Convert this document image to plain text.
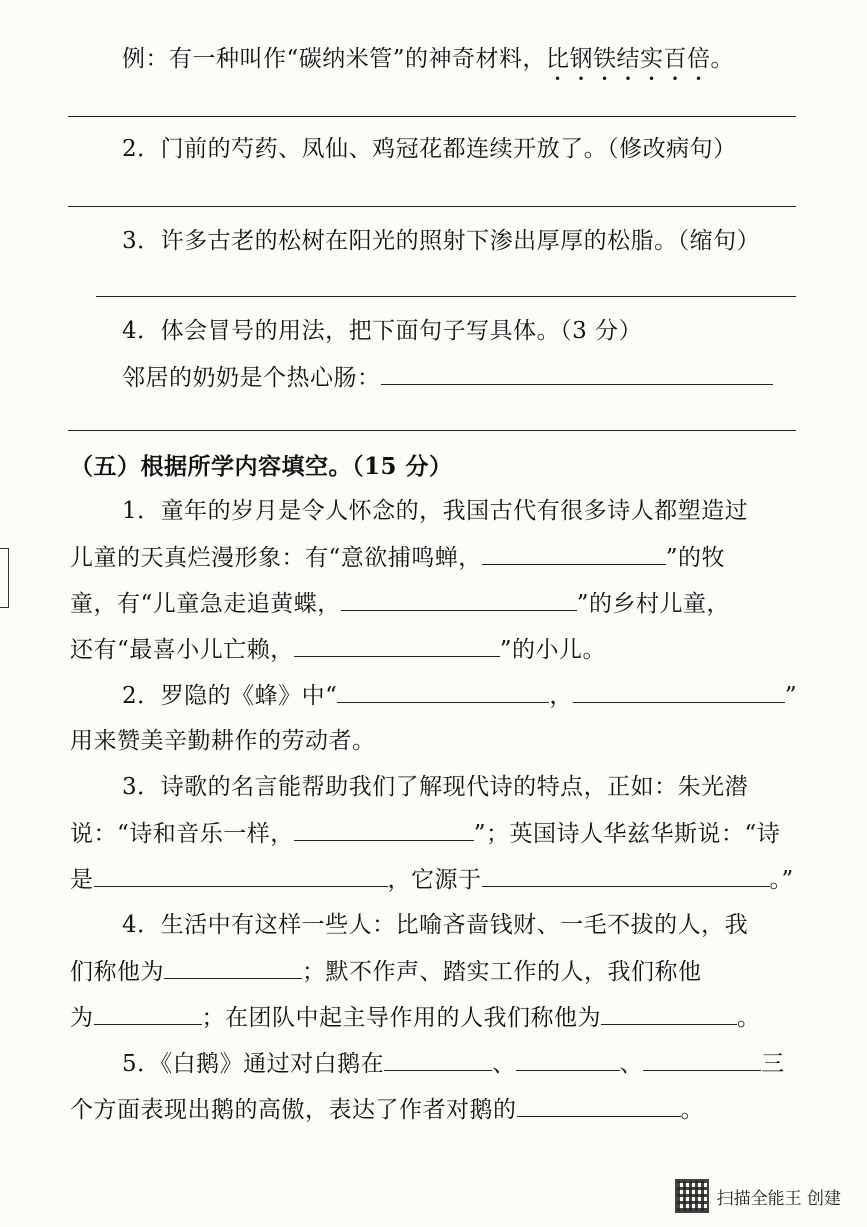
例：有一种叫作“碳纳米管”的神奇材料，比钢铁结实百倍。
2．门前的芍药、凤仙、鸡冠花都连续开放了。（修改病句）
3．许多古老的松树在阳光的照射下渗出厚厚的松脂。（缩句）
4．体会冒号的用法，把下面句子写具体。（3 分）
邻居的奶奶是个热心肠：
（五）根据所学内容填空。（15 分）
1．童年的岁月是令人怀念的，我国古代有很多诗人都塑造过
儿童的天真烂漫形象：有“意欲捕鸣蝉，	”的牧
童，有“儿童急走追黄蝶，	”的乡村儿童，
还有“最喜小儿亡赖，	”的小儿。
2．罗隐的《蜂》中“	，	”
用来赞美辛勤耕作的劳动者。
3．诗歌的名言能帮助我们了解现代诗的特点，正如：朱光潜
说：“诗和音乐一样，	”；英国诗人华兹华斯说：“诗
是	，它源于	。”
4．生活中有这样一些人：比喻吝啬钱财、一毛不拔的人，我
们称他为	；默不作声、踏实工作的人，我们称他
为	；在团队中起主导作用的人我们称他为	。
5．《白鹅》通过对白鹅在	、	、	三
个方面表现出鹅的高傲，表达了作者对鹅的	。
扫描全能王 创建
